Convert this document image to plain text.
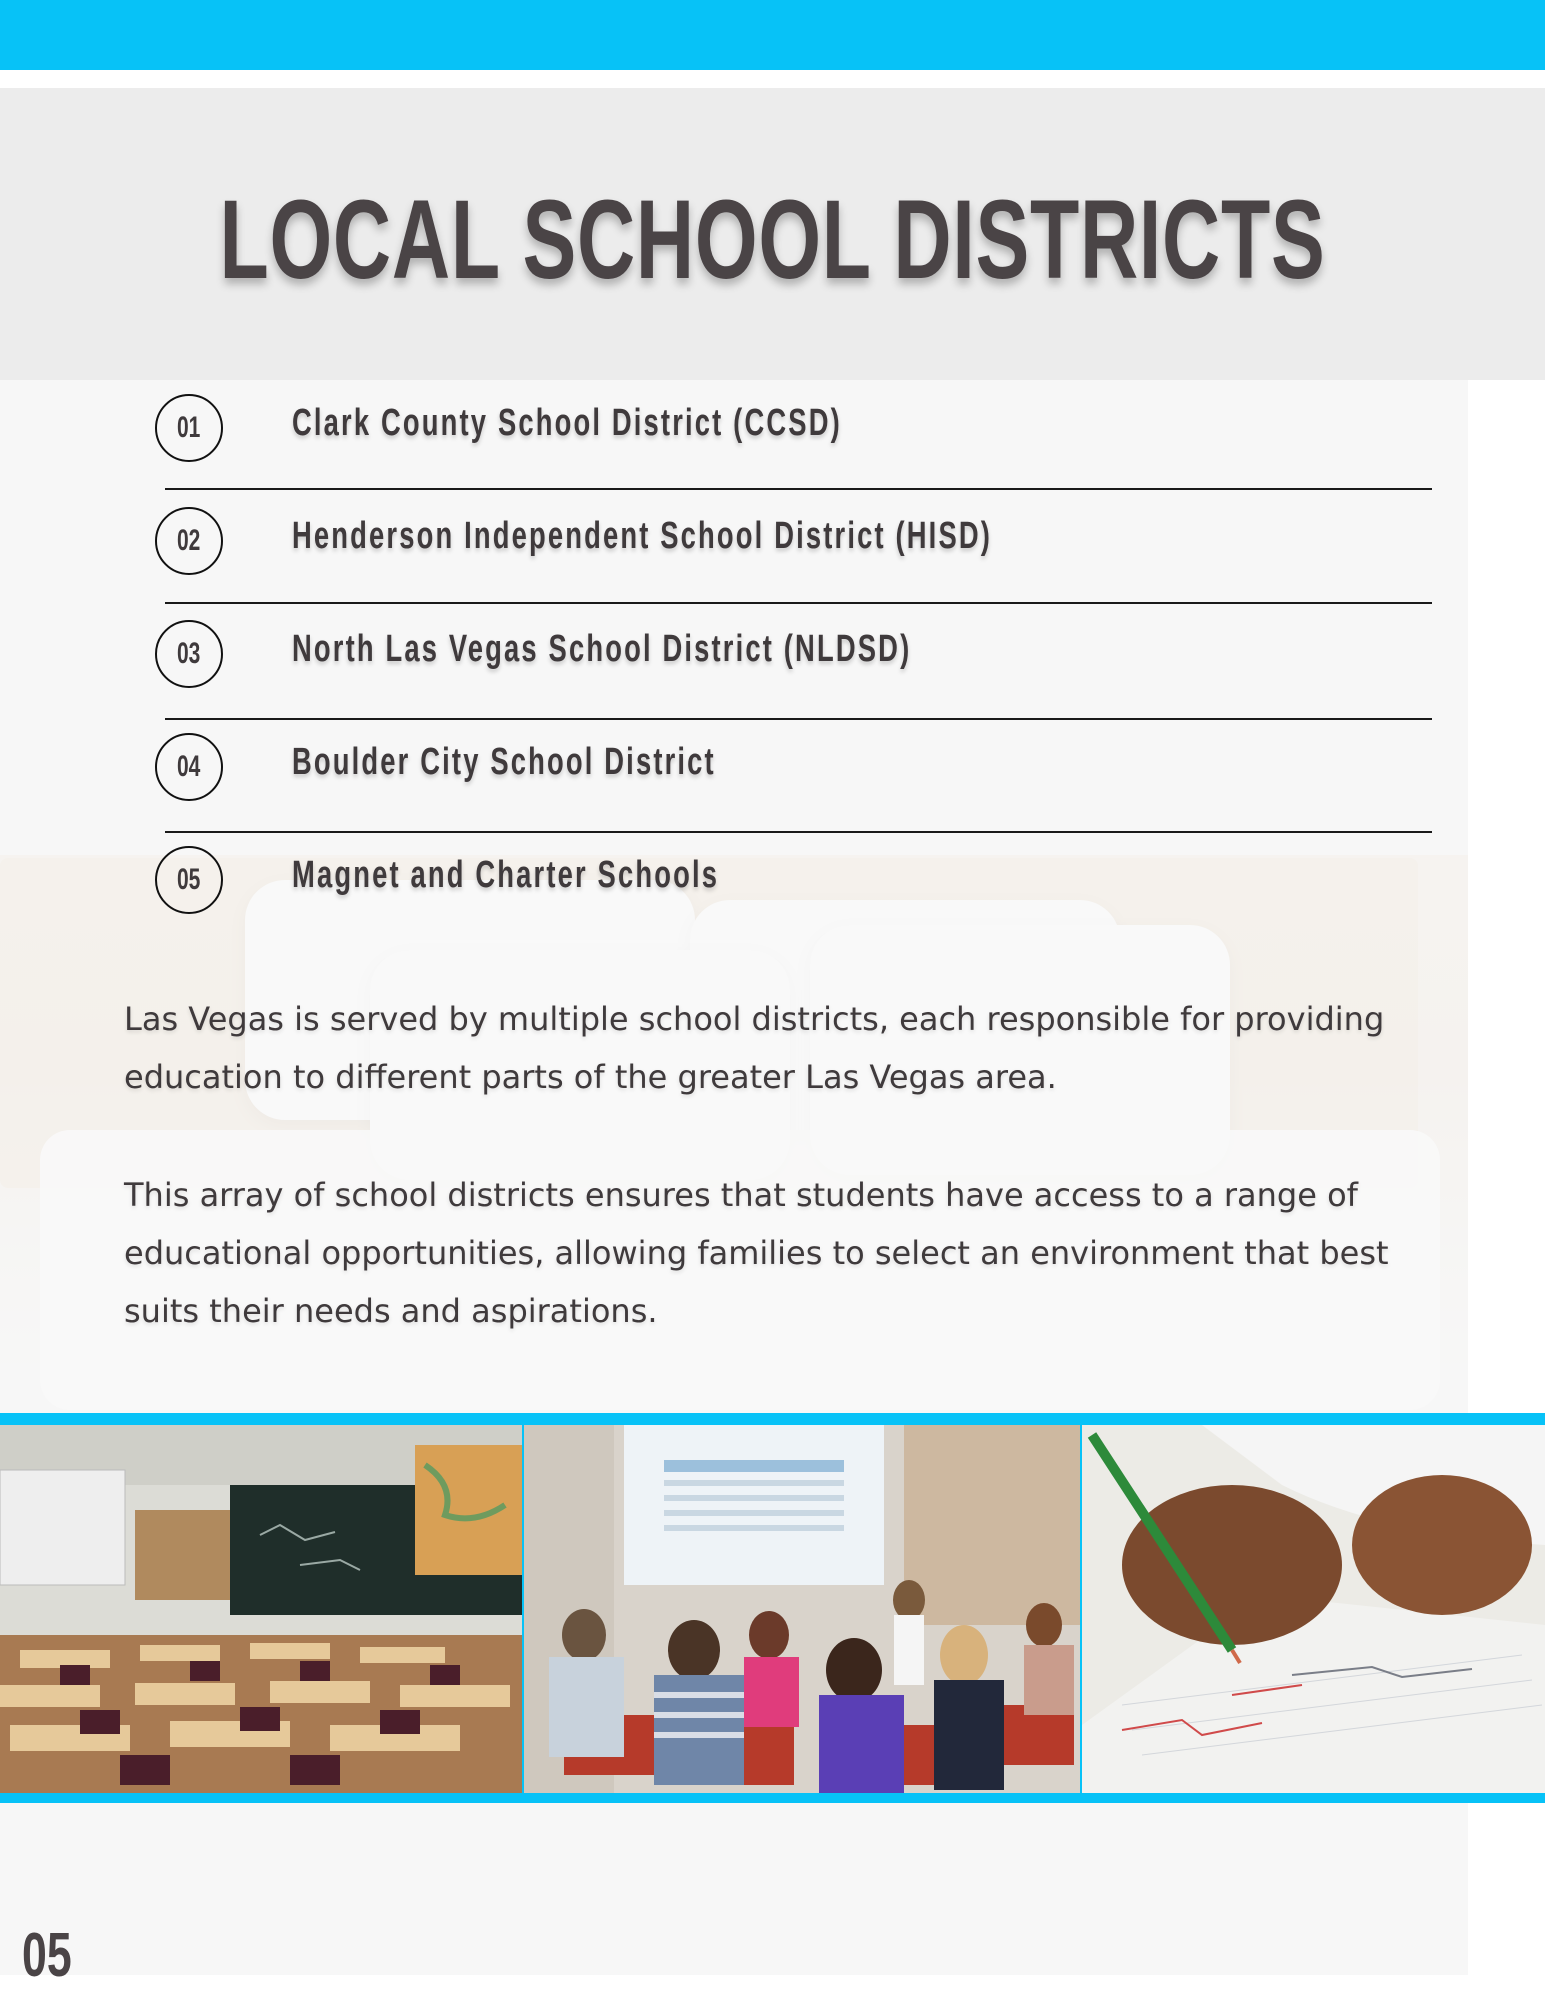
LOCAL SCHOOL DISTRICTS
01 Clark County School District (CCSD)
02 Henderson Independent School District (HISD)
03 North Las Vegas School District (NLDSD)
04 Boulder City School District
05 Magnet and Charter Schools

Las Vegas is served by multiple school districts, each responsible for providing education to different parts of the greater Las Vegas area.

This array of school districts ensures that students have access to a range of educational opportunities, allowing families to select an environment that best suits their needs and aspirations.

05
